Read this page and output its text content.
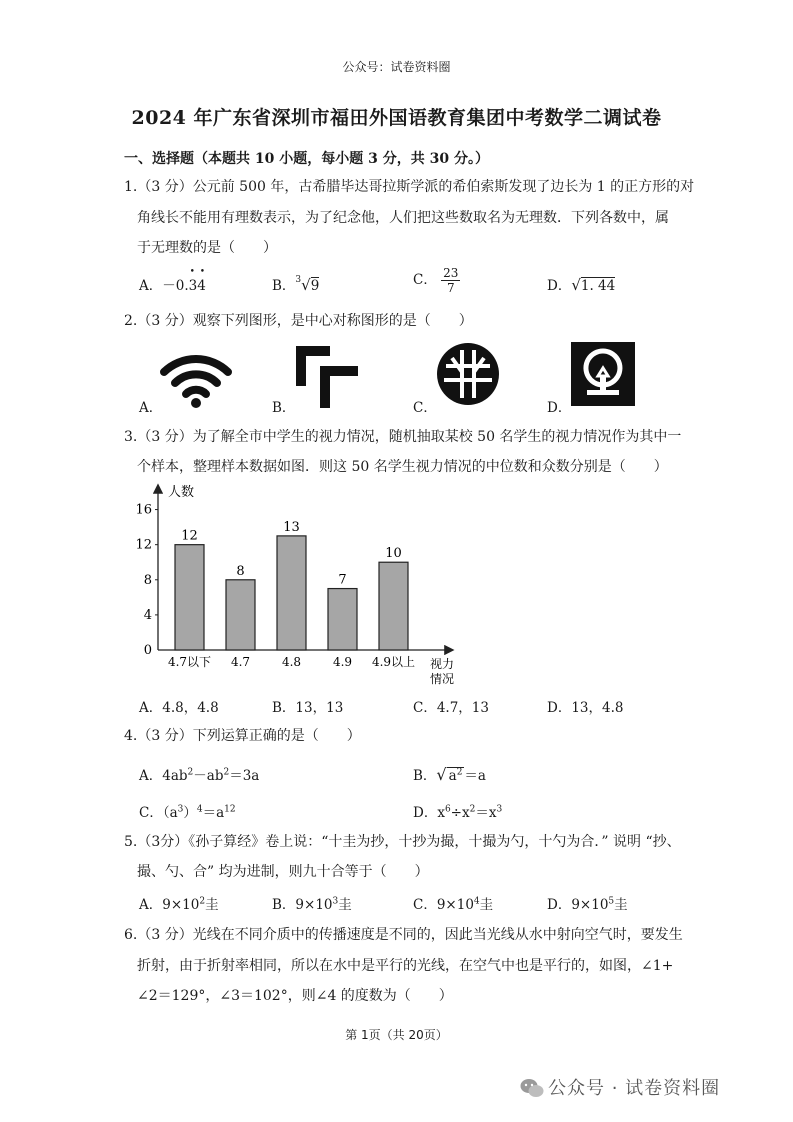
公众号：试卷资料圈
2024 年广东省深圳市福田外国语教育集团中考数学二调试卷
一、选择题（本题共 10 小题，每小题 3 分，共 30 分。）
1.（3 分）公元前 500 年，古希腊毕达哥拉斯学派的希伯索斯发现了边长为 1 的正方形的对
角线长不能用有理数表示，为了纪念他，人们把这些数取名为无理数．下列各数中，属
于无理数的是（　　）
A．－0.34
• •
B．$^3$√9	C． $\frac{23}{7}$	D．√1. 44
2.（3 分）观察下列图形，是中心对称图形的是（　　）
A．	B．	C．	D．
3.（3 分）为了解全市中学生的视力情况，随机抽取某校 50 名学生的视力情况作为其中一
个样本，整理样本数据如图．则这 50 名学生视力情况的中位数和众数分别是（　　）
人数
视力
情况
0
4
8
12
16
12
4.7以下
8
4.7
13
4.8
7
4.9
10
4.9以上
A．4.8，4.8	B．13，13	C．4.7，13	D．13，4.8
4.（3 分）下列运算正确的是（　　）
A．$4ab^2-ab^2=3a$	B．√ $a^2 =a$
C．$(a^3)^4=a^{12}$	D．$x^6\div x^2=x^3$
5.（3分）《孙子算经》卷上说：“十圭为抄，十抄为撮，十撮为勺，十勺为合．” 说明 “抄、
撮、勺、合” 均为进制，则九十合等于（　　）
A．$9\times 10^2$圭	B．$9\times 10^3$圭	C．$9\times 10^4$圭	D．$9\times 10^5$圭
6.（3 分）光线在不同介质中的传播速度是不同的，因此当光线从水中射向空气时，要发生
折射，由于折射率相同，所以在水中是平行的光线，在空气中也是平行的，如图，∠1+
∠2＝129°，∠3＝102°，则∠4 的度数为（　　）
第 1页（共 20页）
公众号 · 试卷资料圈
